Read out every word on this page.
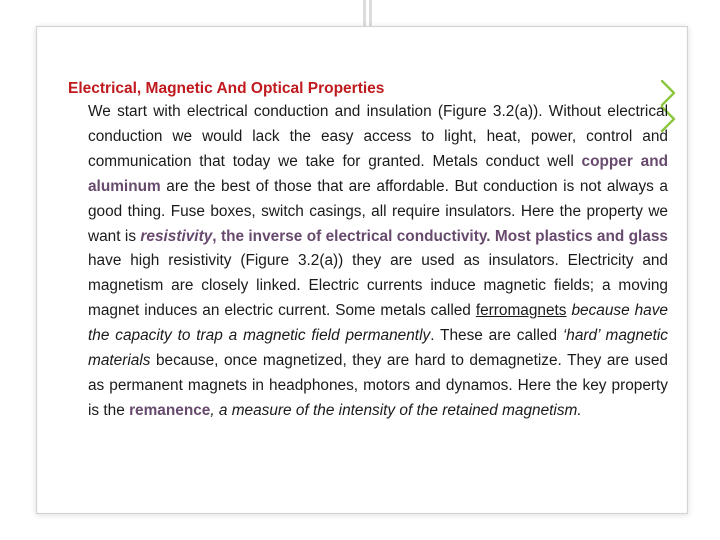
Electrical, Magnetic And Optical Properties

We start with electrical conduction and insulation (Figure 3.2(a)). Without electrical conduction we would lack the easy access to light, heat, power, control and communication that today we take for granted. Metals conduct well copper and aluminum are the best of those that are affordable. But conduction is not always a good thing. Fuse boxes, switch casings, all require insulators. Here the property we want is resistivity, the inverse of electrical conductivity. Most plastics and glass have high resistivity (Figure 3.2(a)) they are used as insulators. Electricity and magnetism are closely linked. Electric currents induce magnetic fields; a moving magnet induces an electric current. Some metals called ferromagnets because have the capacity to trap a magnetic field permanently. These are called ‘hard’ magnetic materials because, once magnetized, they are hard to demagnetize. They are used as permanent magnets in headphones, motors and dynamos. Here the key property is the remanence, a measure of the intensity of the retained magnetism.
